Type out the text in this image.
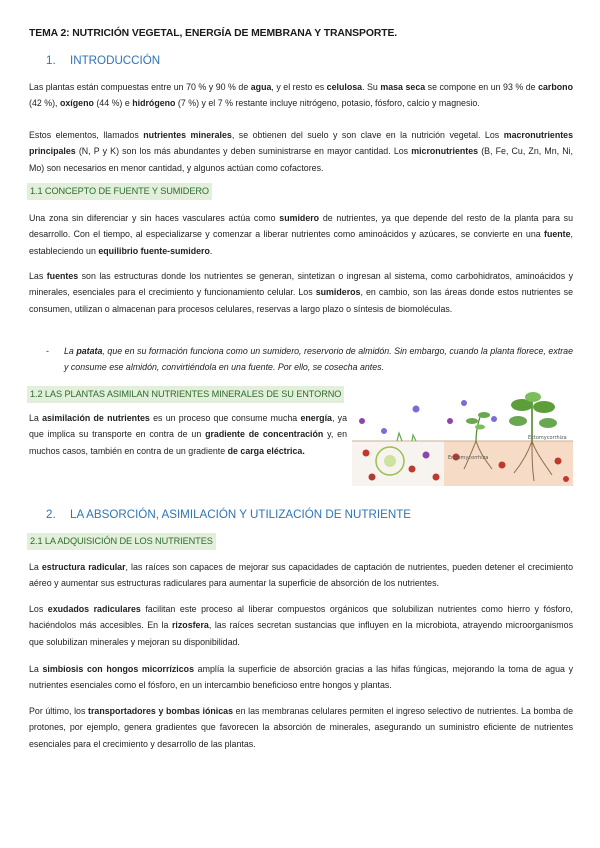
TEMA 2: NUTRICIÓN VEGETAL, ENERGÍA DE MEMBRANA Y TRANSPORTE.
1. INTRODUCCIÓN

Las plantas están compuestas entre un 70 % y 90 % de agua, y el resto es celulosa. Su masa seca se compone en un 93 % de carbono (42 %), oxígeno (44 %) e hidrógeno (7 %) y el 7 % restante incluye nitrógeno, potasio, fósforo, calcio y magnesio.

Estos elementos, llamados nutrientes minerales, se obtienen del suelo y son clave en la nutrición vegetal. Los macronutrientes principales (N, P y K) son los más abundantes y deben suministrarse en mayor cantidad. Los micronutrientes (B, Fe, Cu, Zn, Mn, Ni, Mo) son necesarios en menor cantidad, y algunos actúan como cofactores.

1.1 CONCEPTO DE FUENTE Y SUMIDERO

Una zona sin diferenciar y sin haces vasculares actúa como sumidero de nutrientes, ya que depende del resto de la planta para su desarrollo. Con el tiempo, al especializarse y comenzar a liberar nutrientes como aminoácidos y azúcares, se convierte en una fuente, estableciendo un equilibrio fuente-sumidero.

Las fuentes son las estructuras donde los nutrientes se generan, sintetizan o ingresan al sistema, como carbohidratos, aminoácidos y minerales, esenciales para el crecimiento y funcionamiento celular. Los sumideros, en cambio, son las áreas donde estos nutrientes se consumen, utilizan o almacenan para procesos celulares, reservas a largo plazo o síntesis de biomoléculas.

-	La patata, que en su formación funciona como un sumidero, reservorio de almidón. Sin embargo, cuando la planta florece, extrae y consume ese almidón, convirtiéndola en una fuente. Por ello, se cosecha antes.

1.2 LAS PLANTAS ASIMILAN NUTRIENTES MINERALES DE SU ENTORNO

La asimilación de nutrientes es un proceso que consume mucha energía, ya que implica su transporte en contra de un gradiente de concentración y, en muchos casos, también en contra de un gradiente de carga eléctrica.

Endomycorrhiza
Ectomycorrhiza
2. LA ABSORCIÓN, ASIMILACIÓN Y UTILIZACIÓN DE NUTRIENTE
2.1 LA ADQUISICIÓN DE LOS NUTRIENTES

La estructura radicular, las raíces son capaces de mejorar sus capacidades de captación de nutrientes, pueden detener el crecimiento aéreo y aumentar sus estructuras radiculares para aumentar la superficie de absorción de los nutrientes.

Los exudados radiculares facilitan este proceso al liberar compuestos orgánicos que solubilizan nutrientes como hierro y fósforo, haciéndolos más accesibles. En la rizosfera, las raíces secretan sustancias que influyen en la microbiota, atrayendo microorganismos que solubilizan minerales y mejoran su disponibilidad.

La simbiosis con hongos micorrízicos amplía la superficie de absorción gracias a las hifas fúngicas, mejorando la toma de agua y nutrientes esenciales como el fósforo, en un intercambio beneficioso entre hongos y plantas.

Por último, los transportadores y bombas iónicas en las membranas celulares permiten el ingreso selectivo de nutrientes. La bomba de protones, por ejemplo, genera gradientes que favorecen la absorción de minerales, asegurando un suministro eficiente de nutrientes esenciales para el crecimiento y desarrollo de las plantas.
